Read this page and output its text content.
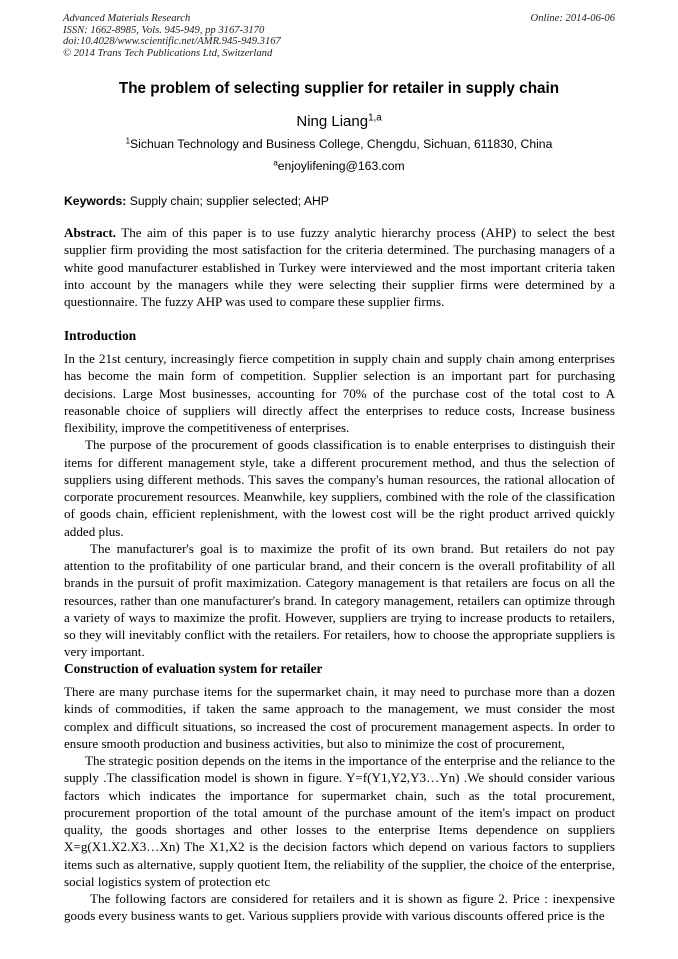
Advanced Materials Research
ISSN: 1662-8985, Vols. 945-949, pp 3167-3170
doi:10.4028/www.scientific.net/AMR.945-949.3167
© 2014 Trans Tech Publications Ltd, Switzerland
Online: 2014-06-06
The problem of selecting supplier for retailer in supply chain
Ning Liang$^{1,a}$
$^1$Sichuan Technology and Business College, Chengdu, Sichuan, 611830, China
$^a$enjoylifening@163.com
Keywords: Supply chain; supplier selected; AHP

Abstract. The aim of this paper is to use fuzzy analytic hierarchy process (AHP) to select the best supplier firm providing the most satisfaction for the criteria determined. The purchasing managers of a white good manufacturer established in Turkey were interviewed and the most important criteria taken into account by the managers while they were selecting their supplier firms were determined by a questionnaire. The fuzzy AHP was used to compare these supplier firms.

Introduction

In the 21st century, increasingly fierce competition in supply chain and supply chain among enterprises has become the main form of competition. Supplier selection is an important part for purchasing decisions. Large Most businesses, accounting for 70% of the purchase cost of the total cost to A reasonable choice of suppliers will directly affect the enterprises to reduce costs, Increase business flexibility, improve the competitiveness of enterprises.

The purpose of the procurement of goods classification is to enable enterprises to distinguish their items for different management style, take a different procurement method, and thus the selection of suppliers using different methods. This saves the company's human resources, the rational allocation of corporate procurement resources. Meanwhile, key suppliers, combined with the role of the classification of goods chain, efficient replenishment, with the lowest cost will be the right product arrived quickly added plus.

The manufacturer's goal is to maximize the profit of its own brand. But retailers do not pay attention to the profitability of one particular brand, and their concern is the overall profitability of all brands in the pursuit of profit maximization. Category management is that retailers are focus on all the resources, rather than one manufacturer's brand. In category management, retailers can optimize through a variety of ways to maximize the profit. However, suppliers are trying to increase products to retailers, so they will inevitably conflict with the retailers. For retailers, how to choose the appropriate suppliers is very important.

Construction of evaluation system for retailer

There are many purchase items for the supermarket chain, it may need to purchase more than a dozen kinds of commodities, if taken the same approach to the management, we must consider the most complex and difficult situations, so increased the cost of procurement management aspects. In order to ensure smooth production and business activities, but also to minimize the cost of procurement,

The strategic position depends on the items in the importance of the enterprise and the reliance to the supply .The classification model is shown in figure. Y=f(Y1,Y2,Y3…Yn) .We should consider various factors which indicates the importance for supermarket chain, such as the total procurement, procurement proportion of the total amount of the purchase amount of the item's impact on product quality, the goods shortages and other losses to the enterprise Items dependence on suppliers X=g(X1.X2.X3…Xn) The X1,X2 is the decision factors which depend on various factors to suppliers items such as alternative, supply quotient Item, the reliability of the supplier, the choice of the enterprise, social logistics system of protection etc

The following factors are considered for retailers and it is shown as figure 2. Price : inexpensive goods every business wants to get. Various suppliers provide with various discounts offered price is the
